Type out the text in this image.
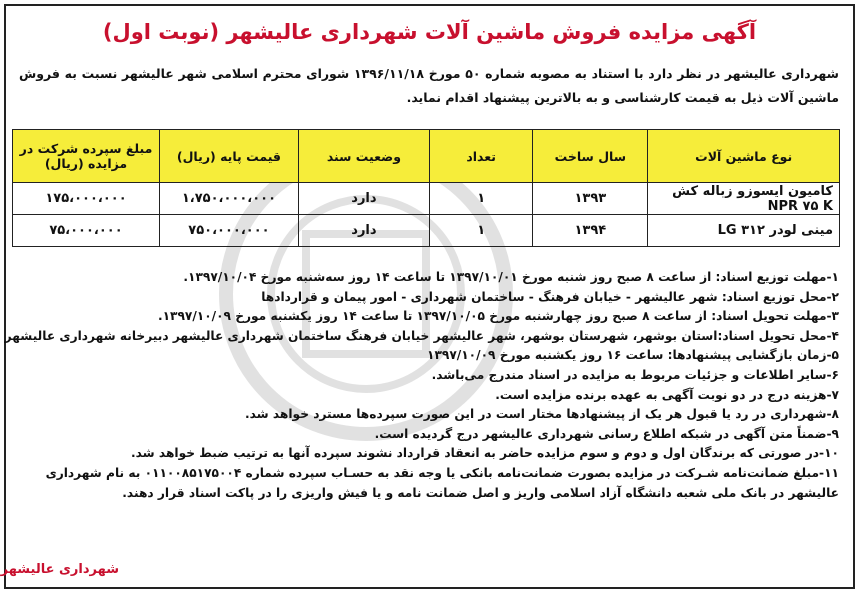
آگهی مزایده فروش ماشین آلات شهرداری عالیشهر (نوبت اول)
شهرداری عالیشهر در نظر دارد با استناد به مصوبه شماره ۵۰ مورخ ۱۳۹۶/۱۱/۱۸ شورای محترم اسلامی شهر عالیشهر نسبت به فروش ماشین آلات ذیل به قیمت کارشناسی و به بالاترین پیشنهاد اقدام نماید.
نوع ماشین آلات	سال ساخت	تعداد	وضعیت سند	قیمت پایه (ریال)	مبلغ سپرده شرکت در مزایده (ریال)
کامیون ایسوزو زباله کش NPR ۷۵ K	۱۳۹۳	۱	دارد	۱،۷۵۰،۰۰۰،۰۰۰	۱۷۵،۰۰۰،۰۰۰
مینی لودر LG ۳۱۲	۱۳۹۴	۱	دارد	۷۵۰،۰۰۰،۰۰۰	۷۵،۰۰۰،۰۰۰
۱-مهلت توزیع اسناد: از ساعت ۸ صبح روز شنبه مورخ ۱۳۹۷/۱۰/۰۱ تا ساعت ۱۴ روز سه‌شنبه مورخ ۱۳۹۷/۱۰/۰۴.
۲-محل توزیع اسناد: شهر عالیشهر - خیابان فرهنگ - ساختمان شهرداری - امور پیمان و قراردادها
۳-مهلت تحویل اسناد: از ساعت ۸ صبح روز چهارشنبه مورخ ۱۳۹۷/۱۰/۰۵ تا ساعت ۱۴ روز یکشنبه مورخ ۱۳۹۷/۱۰/۰۹.
۴-محل تحویل اسناد:استان بوشهر، شهرستان بوشهر، شهر عالیشهر خیابان فرهنگ ساختمان شهرداری عالیشهر دبیرخانه شهرداری عالیشهر
۵-زمان بازگشایی پیشنهادها: ساعت ۱۶ روز یکشنبه مورخ ۱۳۹۷/۱۰/۰۹
۶-سایر اطلاعات و جزئیات مربوط به مزایده در اسناد مندرج می‌باشد.
۷-هزینه درج در دو نوبت آگهی به عهده برنده مزایده است.
۸-شهرداری در رد یا قبول هر یک از پیشنهادها مختار است در این صورت سپرده‌ها مسترد خواهد شد.
۹-ضمناً متن آگهی در شبکه اطلاع رسانی شهرداری عالیشهر درج گردیده است.
۱۰-در صورتی که برندگان اول و دوم و سوم مزایده حاضر به انعقاد قرارداد نشوند سپرده آنها به ترتیب ضبط خواهد شد.
۱۱-مبلغ ضمانت‌نامه شـرکت در مزایده بصورت ضمانت‌نامه بانکی یا وجه نقد به حسـاب سپرده شماره ۰۱۱۰۰۸۵۱۷۵۰۰۴ به نام شهرداری عالیشهر در بانک ملی شعبه دانشگاه آزاد اسلامی واریز و اصل ضمانت نامه و یا فیش واریزی را در پاکت اسناد قرار دهند.
شهرداری عالیشهر
